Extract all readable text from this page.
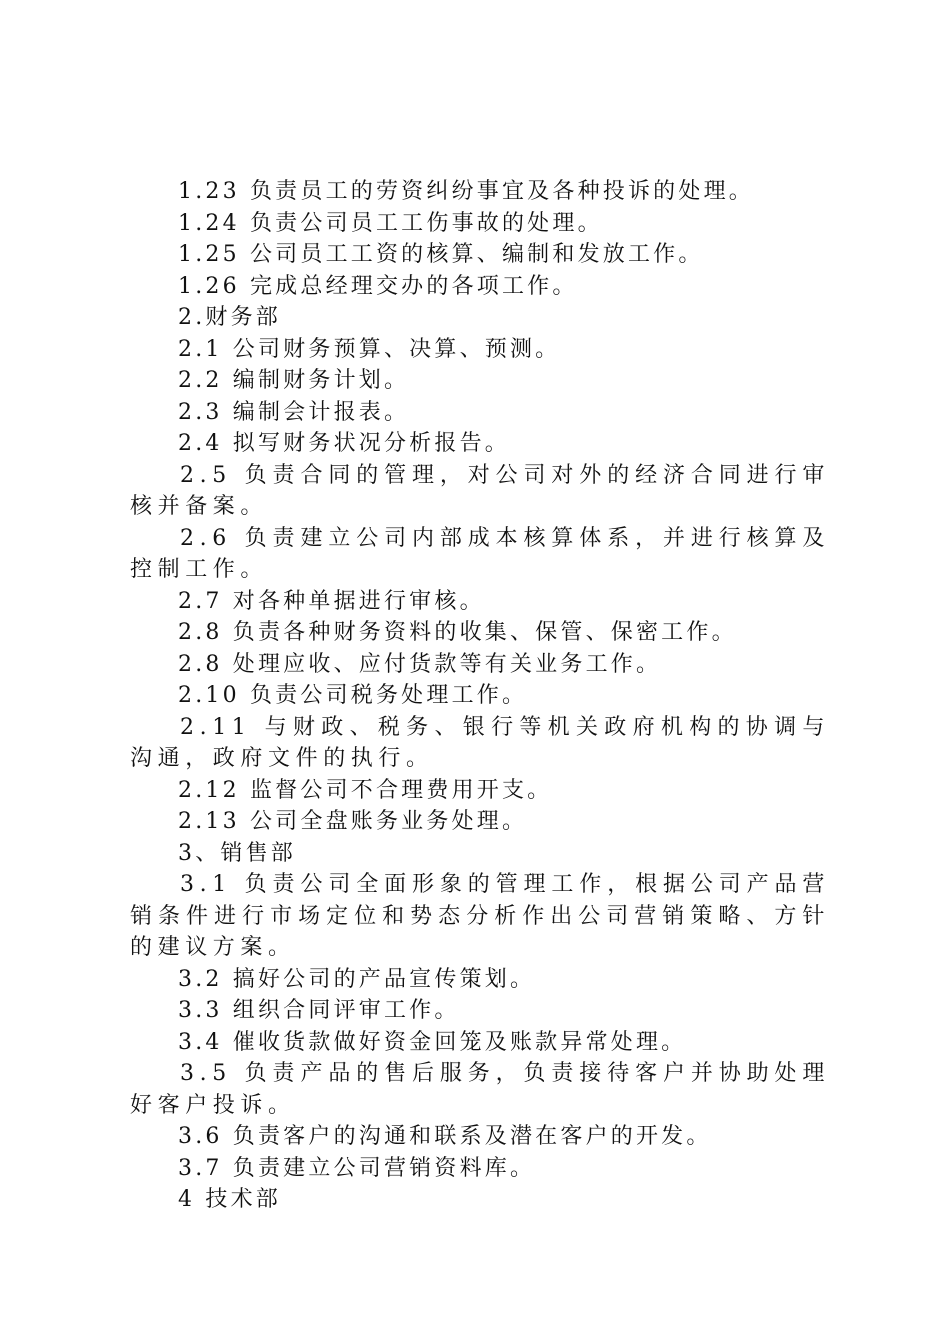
1.23 负责员工的劳资纠纷事宜及各种投诉的处理。

1.24 负责公司员工工伤事故的处理。

1.25 公司员工工资的核算、编制和发放工作。

1.26 完成总经理交办的各项工作。

2.财务部

2.1 公司财务预算、决算、预测。

2.2 编制财务计划。

2.3 编制会计报表。

2.4 拟写财务状况分析报告。

2.5 负责合同的管理，对公司对外的经济合同进行审核并备案。

2.6 负责建立公司内部成本核算体系，并进行核算及控制工作。

2.7 对各种单据进行审核。

2.8 负责各种财务资料的收集、保管、保密工作。

2.8 处理应收、应付货款等有关业务工作。

2.10 负责公司税务处理工作。

2.11 与财政、税务、银行等机关政府机构的协调与沟通，政府文件的执行。

2.12 监督公司不合理费用开支。

2.13 公司全盘账务业务处理。

3、销售部

3.1 负责公司全面形象的管理工作，根据公司产品营销条件进行市场定位和势态分析作出公司营销策略、方针的建议方案。

3.2 搞好公司的产品宣传策划。

3.3 组织合同评审工作。

3.4 催收货款做好资金回笼及账款异常处理。

3.5 负责产品的售后服务，负责接待客户并协助处理好客户投诉。

3.6 负责客户的沟通和联系及潜在客户的开发。

3.7 负责建立公司营销资料库。

4 技术部
